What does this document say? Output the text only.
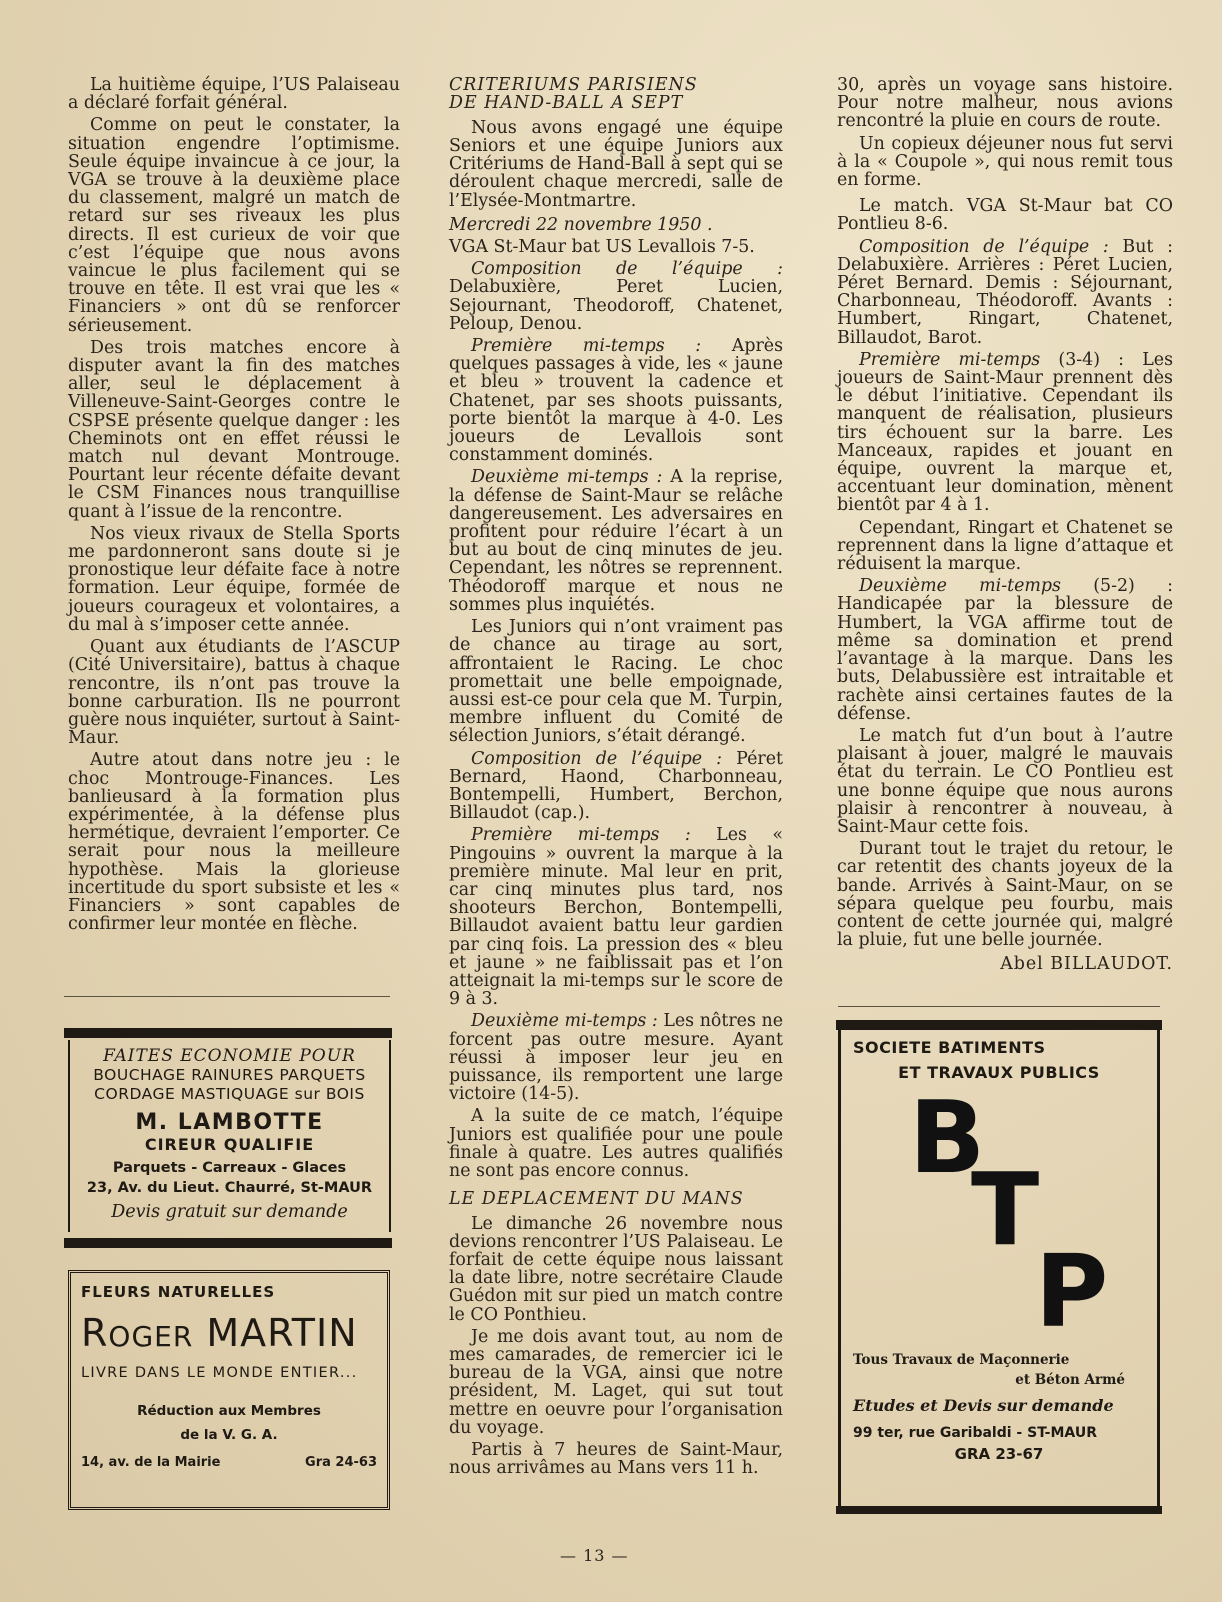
La huitième équipe, l’US Palaiseau a déclaré forfait général.

Comme on peut le constater, la situation engendre l’optimisme. Seule équipe invaincue à ce jour, la VGA se trouve à la deuxième place du classement, malgré un match de retard sur ses riveaux les plus directs. Il est curieux de voir que c’est l’équipe que nous avons vaincue le plus facilement qui se trouve en tête. Il est vrai que les « Financiers » ont dû se renforcer sérieusement.

Des trois matches encore à disputer avant la fin des matches aller, seul le déplacement à Villeneuve-Saint-Georges contre le CSPSE présente quelque danger : les Cheminots ont en effet réussi le match nul devant Montrouge. Pourtant leur récente défaite devant le CSM Finances nous tranquillise quant à l’issue de la rencontre.

Nos vieux rivaux de Stella Sports me pardonneront sans doute si je pronostique leur défaite face à notre formation. Leur équipe, formée de joueurs courageux et volontaires, a du mal à s’imposer cette année.

Quant aux étudiants de l’ASCUP (Cité Universitaire), battus à chaque rencontre, ils n’ont pas trouve la bonne carburation. Ils ne pourront guère nous inquiéter, surtout à Saint-Maur.

Autre atout dans notre jeu : le choc Montrouge-Finances. Les banlieusard à la formation plus expérimentée, à la défense plus hermétique, devraient l’emporter. Ce serait pour nous la meilleure hypothèse. Mais la glorieuse incertitude du sport subsiste et les « Financiers » sont capables de confirmer leur montée en flèche.

FAITES ECONOMIE POUR
BOUCHAGE RAINURES PARQUETS
CORDAGE MASTIQUAGE sur BOIS
M. LAMBOTTE
CIREUR QUALIFIE
Parquets - Carreaux - Glaces
23, Av. du Lieut. Chaurré, St-MAUR
Devis gratuit sur demande
FLEURS NATURELLES
ROGER MARTIN
LIVRE DANS LE MONDE ENTIER...
Réduction aux Membres
de la V. G. A.
14, av. de la Mairie	Gra 24-63
CRITERIUMS PARISIENS
DE HAND-BALL A SEPT

Nous avons engagé une équipe Seniors et une équipe Juniors aux Critériums de Hand-Ball à sept qui se déroulent chaque mercredi, salle de l’Elysée-Montmartre.

Mercredi 22 novembre 1950 .

VGA St-Maur bat US Levallois 7-5.

Composition de l’équipe : Delabuxière, Peret Lucien, Sejournant, Theodoroff, Chatenet, Peloup, Denou.

Première mi-temps : Après quelques passages à vide, les « jaune et bleu » trouvent la cadence et Chatenet, par ses shoots puissants, porte bientôt la marque à 4-0. Les joueurs de Levallois sont constamment dominés.

Deuxième mi-temps : A la reprise, la défense de Saint-Maur se relâche dangereusement. Les adversaires en profitent pour réduire l’écart à un but au bout de cinq minutes de jeu. Cependant, les nôtres se reprennent. Théodoroff marque et nous ne sommes plus inquiétés.

Les Juniors qui n’ont vraiment pas de chance au tirage au sort, affrontaient le Racing. Le choc promettait une belle empoignade, aussi est-ce pour cela que M. Turpin, membre influent du Comité de sélection Juniors, s’était dérangé.

Composition de l’équipe : Péret Bernard, Haond, Charbonneau, Bontempelli, Humbert, Berchon, Billaudot (cap.).

Première mi-temps : Les « Pingouins » ouvrent la marque à la première minute. Mal leur en prit, car cinq minutes plus tard, nos shooteurs Berchon, Bontempelli, Billaudot avaient battu leur gardien par cinq fois. La pression des « bleu et jaune » ne faiblissait pas et l’on atteignait la mi-temps sur le score de 9 à 3.

Deuxième mi-temps : Les nôtres ne forcent pas outre mesure. Ayant réussi à imposer leur jeu en puissance, ils remportent une large victoire (14-5).

A la suite de ce match, l’équipe Juniors est qualifiée pour une poule finale à quatre. Les autres qualifiés ne sont pas encore connus.

LE DEPLACEMENT DU MANS

Le dimanche 26 novembre nous devions rencontrer l’US Palaiseau. Le forfait de cette équipe nous laissant la date libre, notre secrétaire Claude Guédon mit sur pied un match contre le CO Ponthieu.

Je me dois avant tout, au nom de mes camarades, de remercier ici le bureau de la VGA, ainsi que notre président, M. Laget, qui sut tout mettre en oeuvre pour l’organisation du voyage.

Partis à 7 heures de Saint-Maur, nous arrivâmes au Mans vers 11 h.

30, après un voyage sans histoire. Pour notre malheur, nous avions rencontré la pluie en cours de route.

Un copieux déjeuner nous fut servi à la « Coupole », qui nous remit tous en forme.

Le match. VGA St-Maur bat CO Pontlieu 8-6.

Composition de l’équipe : But : Delabuxière. Arrières : Péret Lucien, Péret Bernard. Demis : Séjournant, Charbonneau, Théodoroff. Avants : Humbert, Ringart, Chatenet, Billaudot, Barot.

Première mi-temps (3-4) : Les joueurs de Saint-Maur prennent dès le début l’initiative. Cependant ils manquent de réalisation, plusieurs tirs échouent sur la barre. Les Manceaux, rapides et jouant en équipe, ouvrent la marque et, accentuant leur domination, mènent bientôt par 4 à 1.

Cependant, Ringart et Chatenet se reprennent dans la ligne d’attaque et réduisent la marque.

Deuxième mi-temps (5-2) : Handicapée par la blessure de Humbert, la VGA affirme tout de même sa domination et prend l’avantage à la marque. Dans les buts, Delabussière est intraitable et rachète ainsi certaines fautes de la défense.

Le match fut d’un bout à l’autre plaisant à jouer, malgré le mauvais état du terrain. Le CO Pontlieu est une bonne équipe que nous aurons plaisir à rencontrer à nouveau, à Saint-Maur cette fois.

Durant tout le trajet du retour, le car retentit des chants joyeux de la bande. Arrivés à Saint-Maur, on se sépara quelque peu fourbu, mais content de cette journée qui, malgré la pluie, fut une belle journée.

Abel BILLAUDOT.

SOCIETE BATIMENTS
ET TRAVAUX PUBLICS
B
T
P
Tous Travaux de Maçonnerie
et Béton Armé
Etudes et Devis sur demande
99 ter, rue Garibaldi - ST-MAUR
GRA 23-67
— 13 —
